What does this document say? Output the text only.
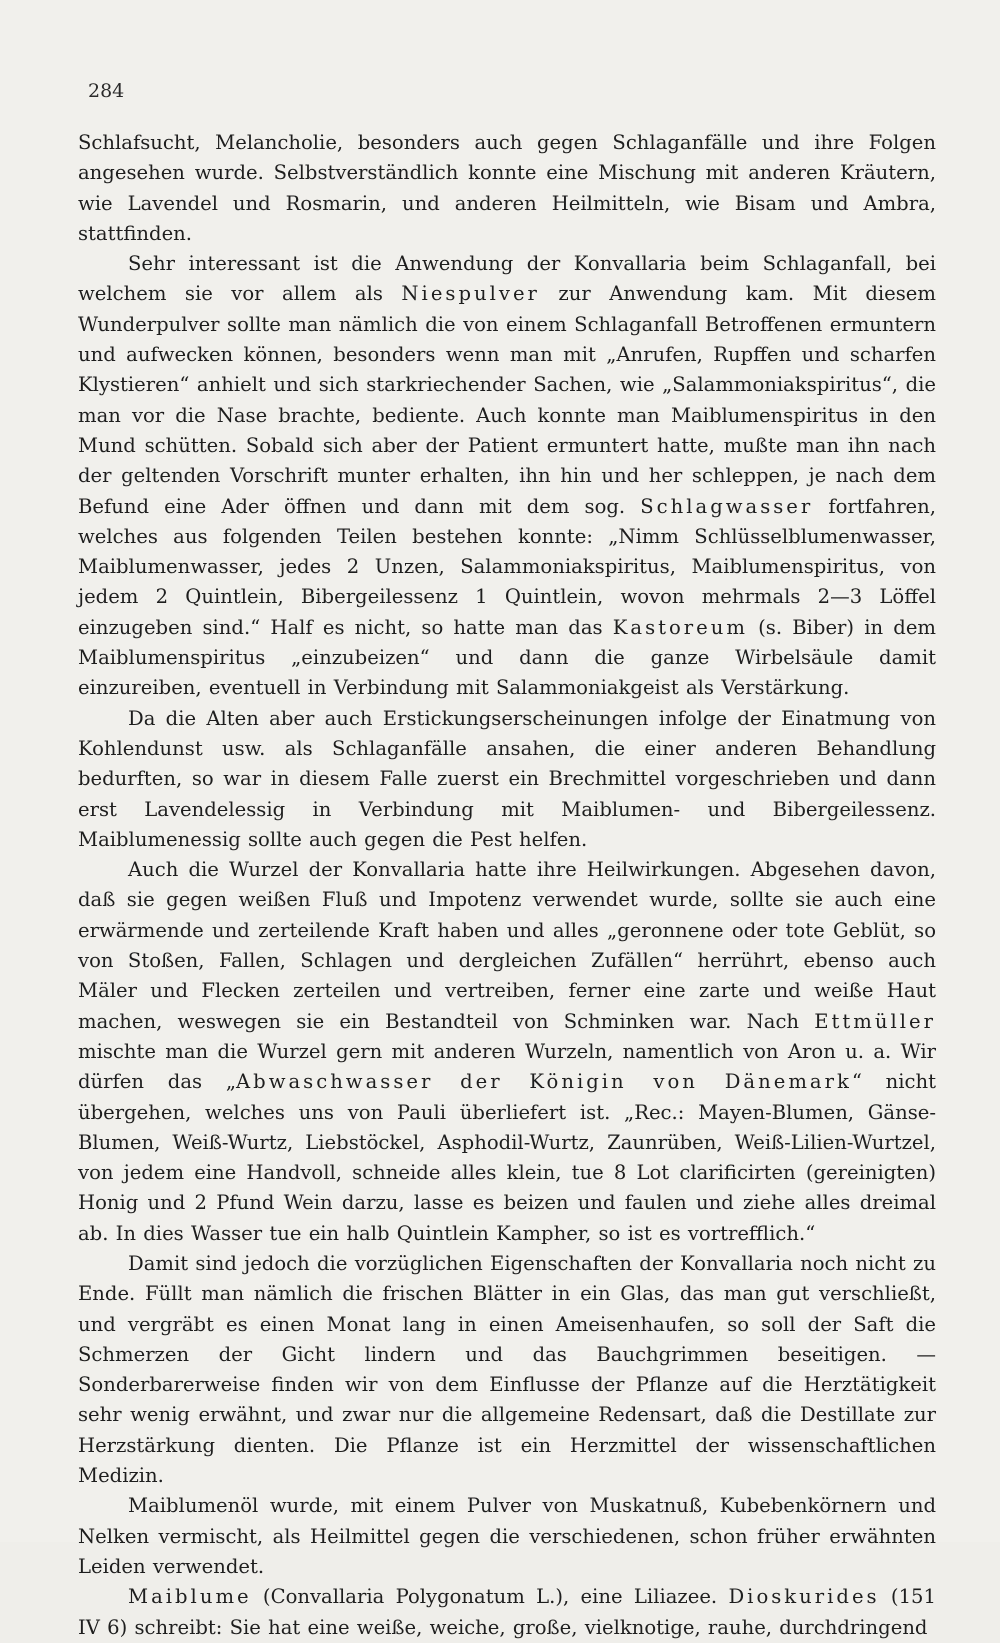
284

Schlafsucht, Melancholie, besonders auch gegen Schlaganfälle und ihre Folgen angesehen wurde. Selbstverständlich konnte eine Mischung mit anderen Kräutern, wie Lavendel und Rosmarin, und anderen Heilmitteln, wie Bisam und Ambra, stattfinden.

Sehr interessant ist die Anwendung der Konvallaria beim Schlaganfall, bei welchem sie vor allem als Niespulver zur Anwendung kam. Mit diesem Wunderpulver sollte man nämlich die von einem Schlaganfall Betroffenen ermuntern und aufwecken können, besonders wenn man mit „Anrufen, Rupffen und scharfen Klystieren“ anhielt und sich starkriechender Sachen, wie „Salammoniakspiritus“, die man vor die Nase brachte, bediente. Auch konnte man Maiblumenspiritus in den Mund schütten. Sobald sich aber der Patient ermuntert hatte, mußte man ihn nach der geltenden Vorschrift munter erhalten, ihn hin und her schleppen, je nach dem Befund eine Ader öffnen und dann mit dem sog. Schlagwasser fortfahren, welches aus folgenden Teilen bestehen konnte: „Nimm Schlüsselblumenwasser, Maiblumenwasser, jedes 2 Unzen, Salammoniakspiritus, Maiblumenspiritus, von jedem 2 Quintlein, Bibergeilessenz 1 Quintlein, wovon mehrmals 2—3 Löffel einzugeben sind.“ Half es nicht, so hatte man das Kastoreum (s. Biber) in dem Maiblumenspiritus „einzubeizen“ und dann die ganze Wirbelsäule damit einzureiben, eventuell in Verbindung mit Salammoniakgeist als Verstärkung.

Da die Alten aber auch Erstickungserscheinungen infolge der Einatmung von Kohlendunst usw. als Schlaganfälle ansahen, die einer anderen Behandlung bedurften, so war in diesem Falle zuerst ein Brechmittel vorgeschrieben und dann erst Lavendelessig in Verbindung mit Maiblumen- und Bibergeilessenz. Maiblumenessig sollte auch gegen die Pest helfen.

Auch die Wurzel der Konvallaria hatte ihre Heilwirkungen. Abgesehen davon, daß sie gegen weißen Fluß und Impotenz verwendet wurde, sollte sie auch eine erwärmende und zerteilende Kraft haben und alles „geronnene oder tote Geblüt, so von Stoßen, Fallen, Schlagen und dergleichen Zufällen“ herrührt, ebenso auch Mäler und Flecken zerteilen und vertreiben, ferner eine zarte und weiße Haut machen, weswegen sie ein Bestandteil von Schminken war. Nach Ettmüller mischte man die Wurzel gern mit anderen Wurzeln, namentlich von Aron u. a. Wir dürfen das „Abwaschwasser der Königin von Dänemark“ nicht übergehen, welches uns von Pauli überliefert ist. „Rec.: Mayen-Blumen, Gänse-Blumen, Weiß-Wurtz, Liebstöckel, Asphodil-Wurtz, Zaunrüben, Weiß-Lilien-Wurtzel, von jedem eine Handvoll, schneide alles klein, tue 8 Lot clarificirten (gereinigten) Honig und 2 Pfund Wein darzu, lasse es beizen und faulen und ziehe alles dreimal ab. In dies Wasser tue ein halb Quintlein Kampher, so ist es vortrefflich.“

Damit sind jedoch die vorzüglichen Eigenschaften der Konvallaria noch nicht zu Ende. Füllt man nämlich die frischen Blätter in ein Glas, das man gut verschließt, und vergräbt es einen Monat lang in einen Ameisenhaufen, so soll der Saft die Schmerzen der Gicht lindern und das Bauchgrimmen beseitigen. — Sonderbarerweise finden wir von dem Einflusse der Pflanze auf die Herztätigkeit sehr wenig erwähnt, und zwar nur die allgemeine Redensart, daß die Destillate zur Herzstärkung dienten. Die Pflanze ist ein Herzmittel der wissenschaftlichen Medizin.

Maiblumenöl wurde, mit einem Pulver von Muskatnuß, Kubebenkörnern und Nelken vermischt, als Heilmittel gegen die verschiedenen, schon früher erwähnten Leiden verwendet.

Maiblume (Convallaria Polygonatum L.), eine Liliazee. Dioskurides (151 IV 6) schreibt: Sie hat eine weiße, weiche, große, vielknotige, rauhe, durchdringend
